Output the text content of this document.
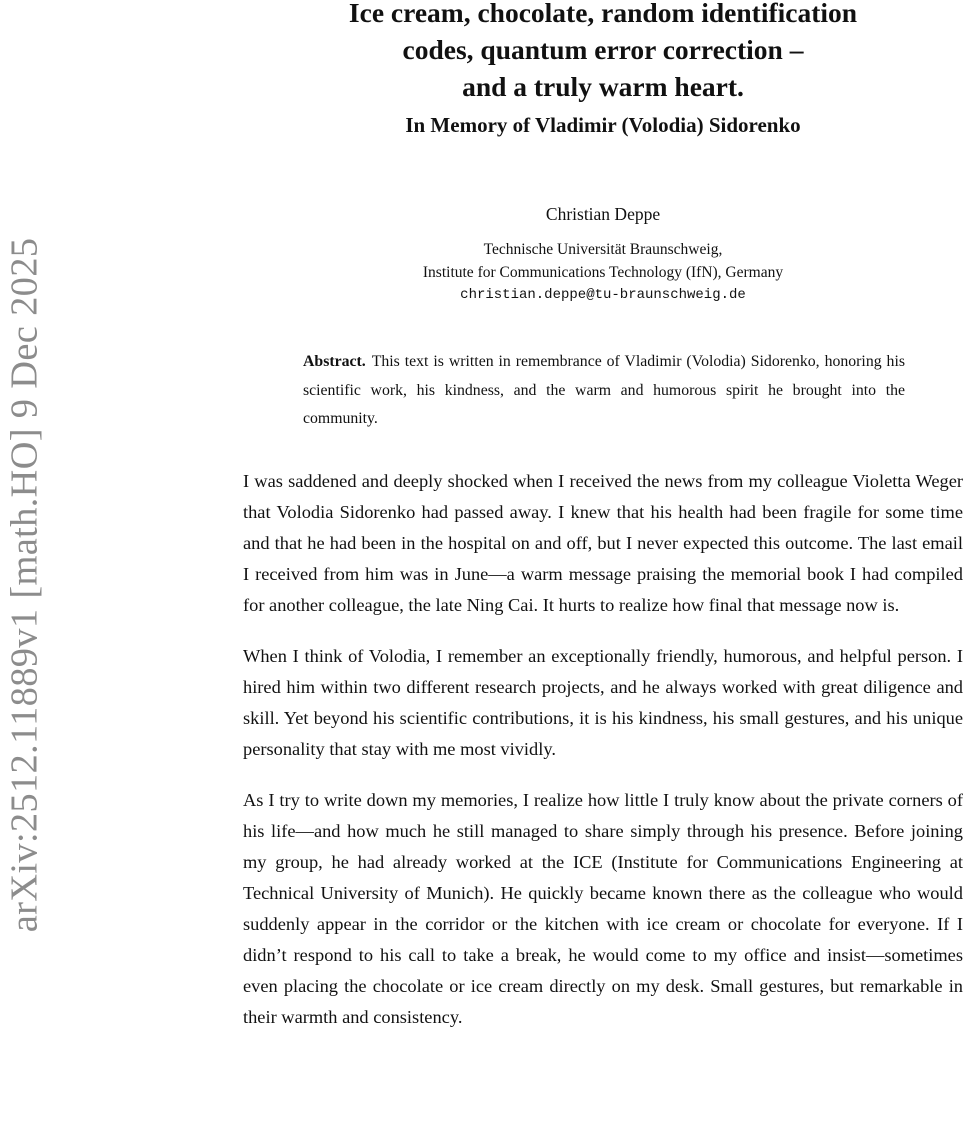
arXiv:2512.11889v1 [math.HO] 9 Dec 2025
Ice cream, chocolate, random identification
codes, quantum error correction –
and a truly warm heart.
In Memory of Vladimir (Volodia) Sidorenko
Christian Deppe
Technische Universität Braunschweig,
Institute for Communications Technology (IfN), Germany
christian.deppe@tu-braunschweig.de
Abstract. This text is written in remembrance of Vladimir (Volodia) Sidorenko, honoring his scientific work, his kindness, and the warm and humorous spirit he brought into the community.

I was saddened and deeply shocked when I received the news from my colleague Violetta Weger that Volodia Sidorenko had passed away. I knew that his health had been fragile for some time and that he had been in the hospital on and off, but I never expected this outcome. The last email I received from him was in June—a warm message praising the memorial book I had compiled for another colleague, the late Ning Cai. It hurts to realize how final that message now is.

When I think of Volodia, I remember an exceptionally friendly, humorous, and helpful person. I hired him within two different research projects, and he always worked with great diligence and skill. Yet beyond his scientific contributions, it is his kindness, his small gestures, and his unique personality that stay with me most vividly.

As I try to write down my memories, I realize how little I truly know about the private corners of his life—and how much he still managed to share simply through his presence. Before joining my group, he had already worked at the ICE (Institute for Communications Engineering at Technical University of Munich). He quickly became known there as the colleague who would suddenly appear in the corridor or the kitchen with ice cream or chocolate for everyone. If I didn’t respond to his call to take a break, he would come to my office and insist—sometimes even placing the chocolate or ice cream directly on my desk. Small gestures, but remarkable in their warmth and consistency.
